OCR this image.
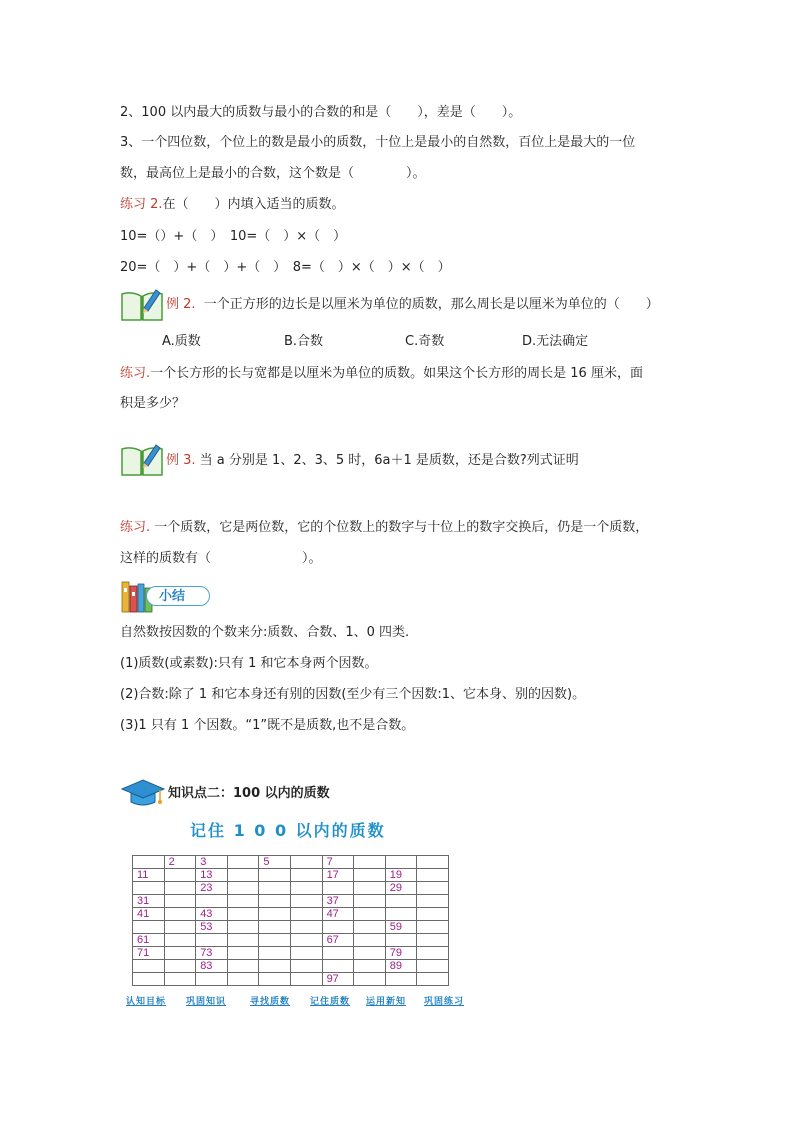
2、100 以内最大的质数与最小的合数的和是（　　），差是（　　）。
3、一个四位数，个位上的数是最小的质数，十位上是最小的自然数，百位上是最大的一位
数，最高位上是最小的合数，这个数是（　　　　）。
练习 2.在（　　）内填入适当的质数。
10=（）+（　）　10=（　）×（　）
20=（　）+（　）+（　）　8=（　）×（　）×（　）
例 2.  一个正方形的边长是以厘米为单位的质数，那么周长是以厘米为单位的（　　）
A.质数	B.合数	C.奇数	D.无法确定
练习.一个长方形的长与宽都是以厘米为单位的质数。如果这个长方形的周长是 16 厘米，面
积是多少？
例 3. 当 a 分别是 1、2、3、5 时，6a＋1 是质数，还是合数?列式证明
练习. 一个质数，它是两位数，它的个位数上的数字与十位上的数字交换后，仍是一个质数，
这样的质数有（　　　　　　　）。
小结
自然数按因数的个数来分:质数、合数、1、0 四类.
(1)质数(或素数):只有 1 和它本身两个因数。
(2)合数:除了 1 和它本身还有别的因数(至少有三个因数:1、它本身、别的因数)。
(3)1 只有 1 个因数。“1”既不是质数,也不是合数。
知识点二：100 以内的质数
记住 1 0 0 以内的质数
	2	3		5		7			
11		13				17		19	
		23						29	
31						37			
41		43				47			
		53						59	
61						67			
71		73						79	
		83						89	
						97			
认知目标 巩固知识	寻找质数 记住质数 运用新知 巩固练习
